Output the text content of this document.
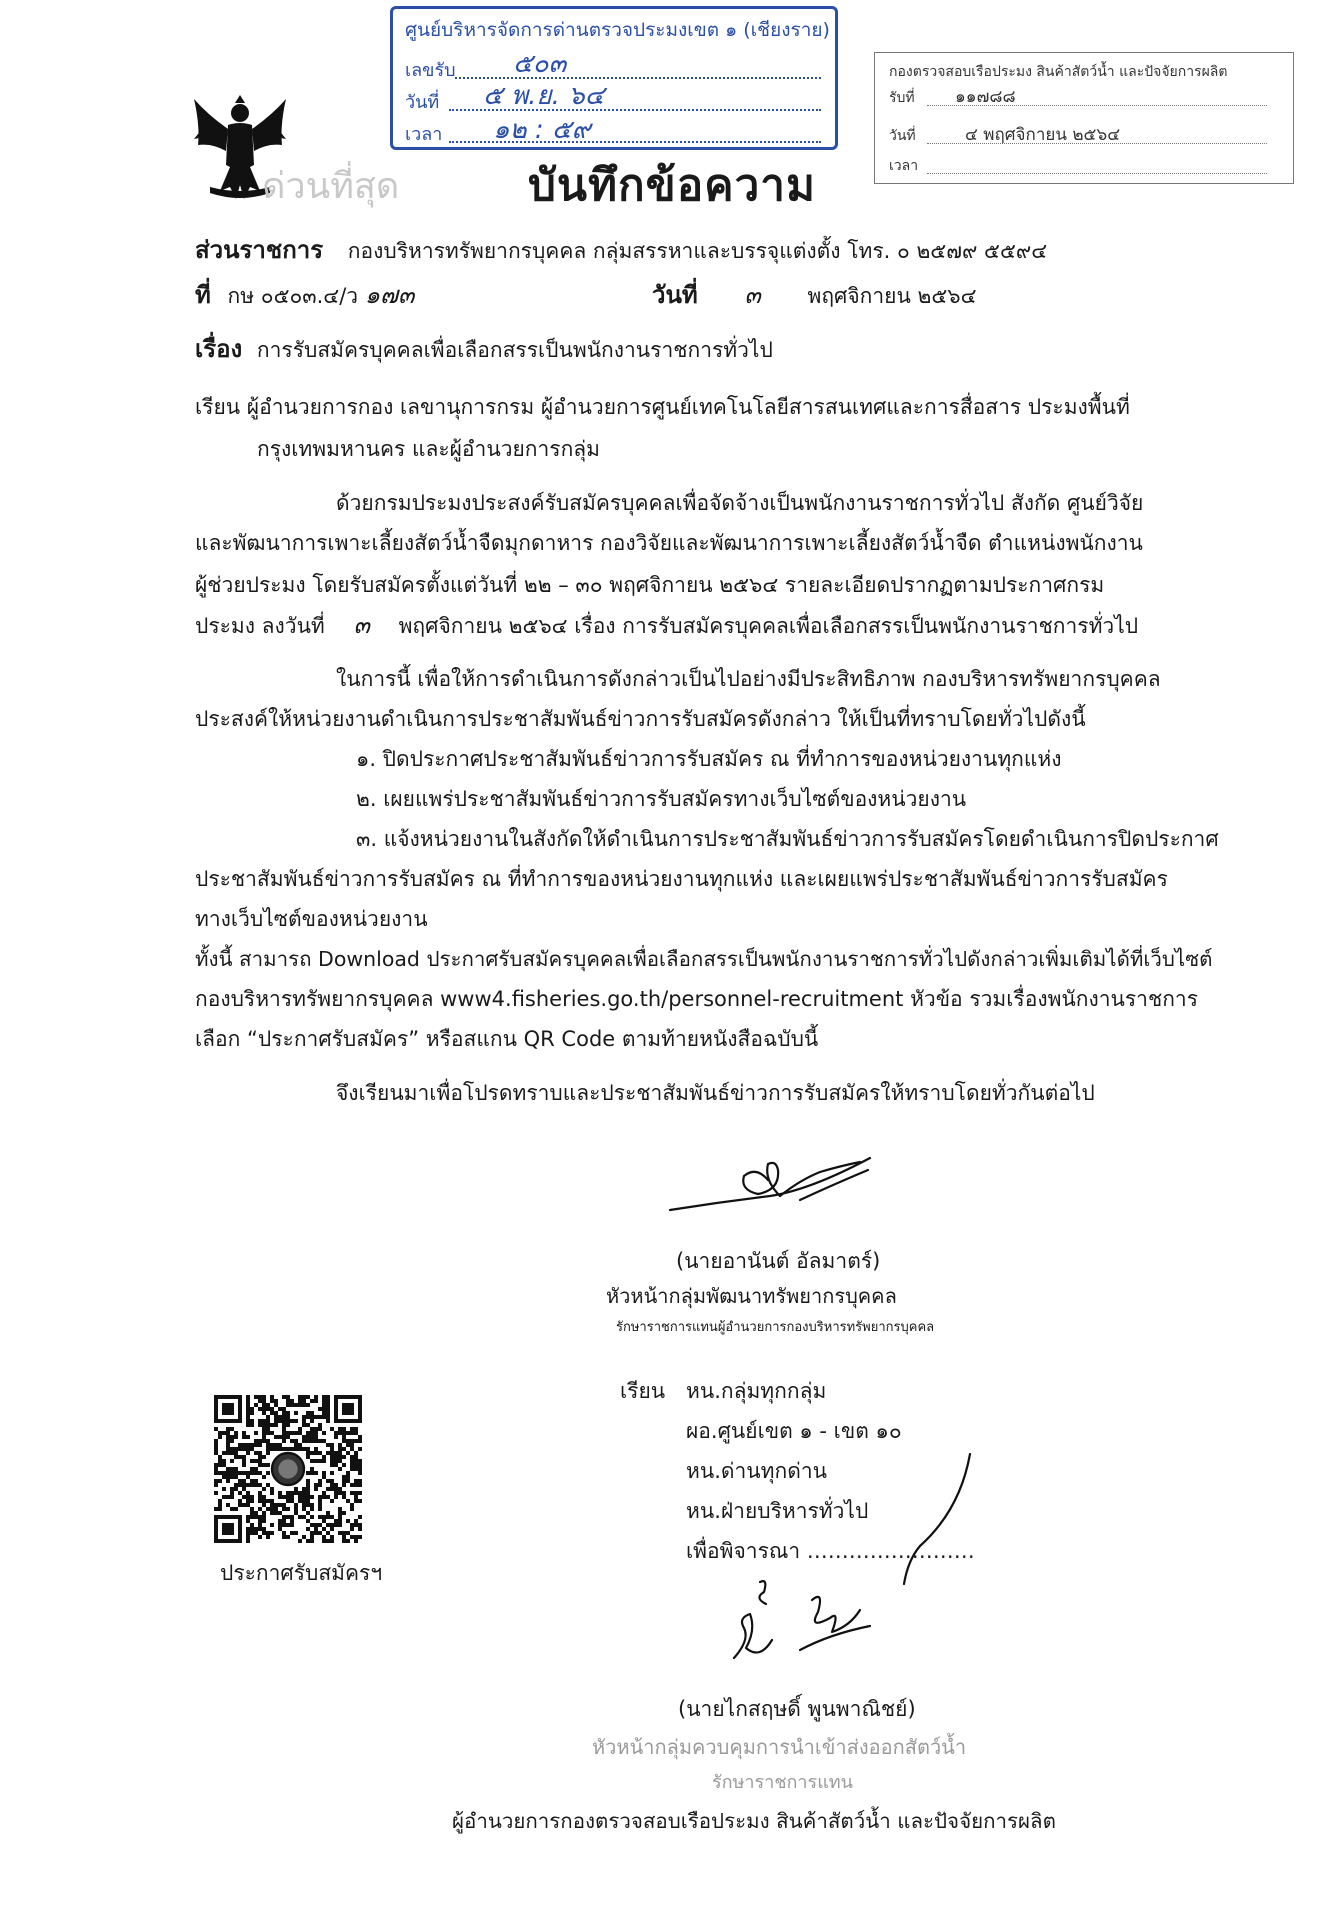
ด่วนที่สุด	บันทึกข้อความ
ศูนย์บริหารจัดการด่านตรวจประมงเขต ๑ (เชียงราย)
เลขรับ ๕๐๓
วันที่ ๕ พ.ย. ๖๔
เวลา ๑๒ : ๕๙
กองตรวจสอบเรือประมง สินค้าสัตว์น้ำ และปัจจัยการผลิต
รับที่ ๑๑๗๘๘
วันที่	๔ พฤศจิกายน ๒๕๖๔
เวลา
ส่วนราชการ กองบริหารทรัพยากรบุคคล กลุ่มสรรหาและบรรจุแต่งตั้ง โทร. ๐ ๒๕๗๙ ๕๕๙๔
ที่ กษ ๐๕๐๓.๔/ว ๑๗๓	วันที่ ๓ พฤศจิกายน ๒๕๖๔
เรื่อง การรับสมัครบุคคลเพื่อเลือกสรรเป็นพนักงานราชการทั่วไป
เรียน ผู้อำนวยการกอง เลขานุการกรม ผู้อำนวยการศูนย์เทคโนโลยีสารสนเทศและการสื่อสาร ประมงพื้นที่
กรุงเทพมหานคร และผู้อำนวยการกลุ่ม
ด้วยกรมประมงประสงค์รับสมัครบุคคลเพื่อจัดจ้างเป็นพนักงานราชการทั่วไป สังกัด ศูนย์วิจัย
และพัฒนาการเพาะเลี้ยงสัตว์น้ำจืดมุกดาหาร กองวิจัยและพัฒนาการเพาะเลี้ยงสัตว์น้ำจืด ตำแหน่งพนักงาน
ผู้ช่วยประมง โดยรับสมัครตั้งแต่วันที่ ๒๒ – ๓๐ พฤศจิกายน ๒๕๖๔ รายละเอียดปรากฏตามประกาศกรม
ประมง ลงวันที่ ๓ พฤศจิกายน ๒๕๖๔ เรื่อง การรับสมัครบุคคลเพื่อเลือกสรรเป็นพนักงานราชการทั่วไป
ในการนี้ เพื่อให้การดำเนินการดังกล่าวเป็นไปอย่างมีประสิทธิภาพ กองบริหารทรัพยากรบุคคล
ประสงค์ให้หน่วยงานดำเนินการประชาสัมพันธ์ข่าวการรับสมัครดังกล่าว ให้เป็นที่ทราบโดยทั่วไปดังนี้
๑. ปิดประกาศประชาสัมพันธ์ข่าวการรับสมัคร ณ ที่ทำการของหน่วยงานทุกแห่ง
๒. เผยแพร่ประชาสัมพันธ์ข่าวการรับสมัครทางเว็บไซต์ของหน่วยงาน
๓. แจ้งหน่วยงานในสังกัดให้ดำเนินการประชาสัมพันธ์ข่าวการรับสมัครโดยดำเนินการปิดประกาศ
ประชาสัมพันธ์ข่าวการรับสมัคร ณ ที่ทำการของหน่วยงานทุกแห่ง และเผยแพร่ประชาสัมพันธ์ข่าวการรับสมัคร
ทางเว็บไซต์ของหน่วยงาน
ทั้งนี้ สามารถ Download ประกาศรับสมัครบุคคลเพื่อเลือกสรรเป็นพนักงานราชการทั่วไปดังกล่าวเพิ่มเติมได้ที่เว็บไซต์
กองบริหารทรัพยากรบุคคล www4.fisheries.go.th/personnel-recruitment หัวข้อ รวมเรื่องพนักงานราชการ
เลือก “ประกาศรับสมัคร” หรือสแกน QR Code ตามท้ายหนังสือฉบับนี้
จึงเรียนมาเพื่อโปรดทราบและประชาสัมพันธ์ข่าวการรับสมัครให้ทราบโดยทั่วกันต่อไป
(นายอานันต์ อัลมาตร์)
หัวหน้ากลุ่มพัฒนาทรัพยากรบุคคล
รักษาราชการแทนผู้อำนวยการกองบริหารทรัพยากรบุคคล
เรียน หน.กลุ่มทุกกลุ่ม
ผอ.ศูนย์เขต ๑ - เขต ๑๐
หน.ด่านทุกด่าน
หน.ฝ่ายบริหารทั่วไป
เพื่อพิจารณา ……………………
ประกาศรับสมัครฯ
(นายไกสฤษดิ์ พูนพาณิชย์)
หัวหน้ากลุ่มควบคุมการนำเข้าส่งออกสัตว์น้ำ
รักษาราชการแทน
ผู้อำนวยการกองตรวจสอบเรือประมง สินค้าสัตว์น้ำ และปัจจัยการผลิต
